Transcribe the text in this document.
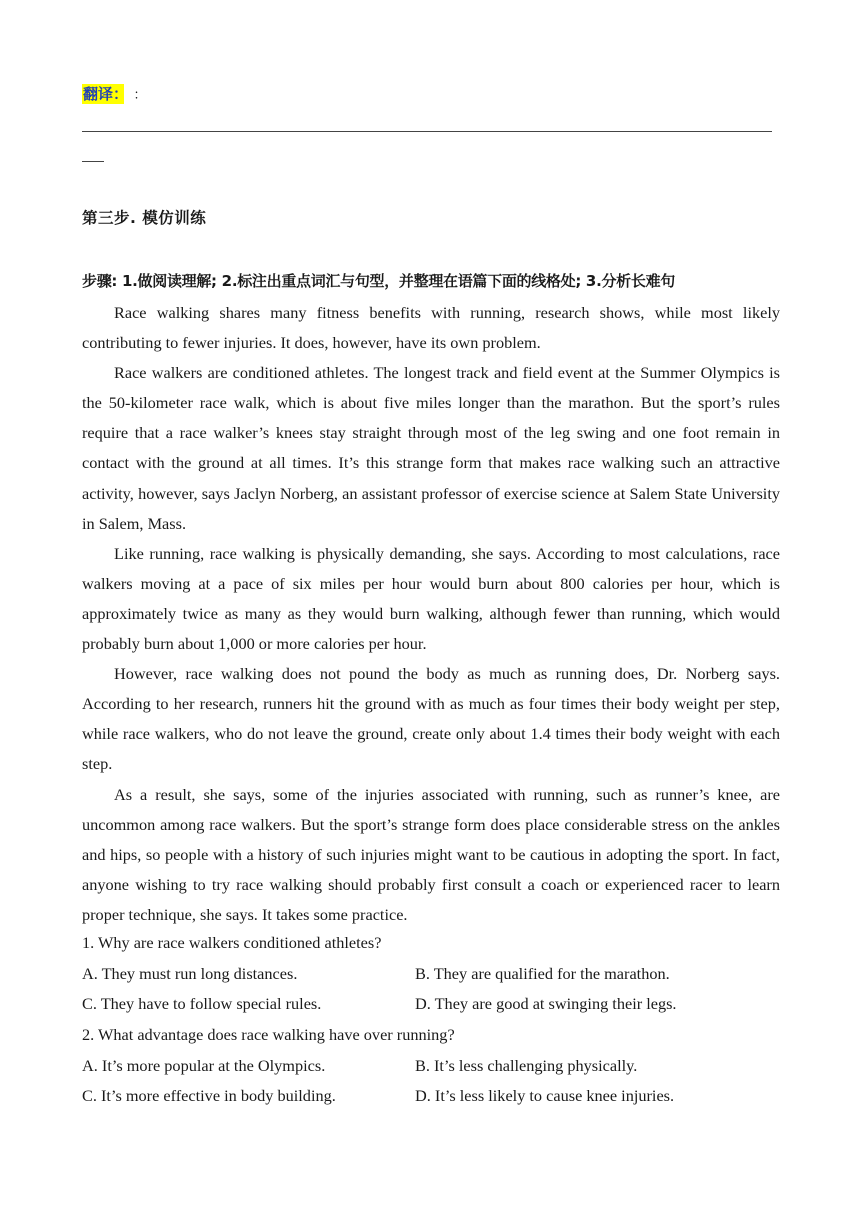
翻译： ：
第三步. 模仿训练
步骤: 1.做阅读理解; 2.标注出重点词汇与句型，并整理在语篇下面的线格处; 3.分析长难句

Race walking shares many fitness benefits with running, research shows, while most likely contributing to fewer injuries. It does, however, have its own problem.

Race walkers are conditioned athletes. The longest track and field event at the Summer Olympics is the 50-kilometer race walk, which is about five miles longer than the marathon. But the sport’s rules require that a race walker’s knees stay straight through most of the leg swing and one foot remain in contact with the ground at all times. It’s this strange form that makes race walking such an attractive activity, however, says Jaclyn Norberg, an assistant professor of exercise science at Salem State University in Salem, Mass.

Like running, race walking is physically demanding, she says. According to most calculations, race walkers moving at a pace of six miles per hour would burn about 800 calories per hour, which is approximately twice as many as they would burn walking, although fewer than running, which would probably burn about 1,000 or more calories per hour.

However, race walking does not pound the body as much as running does, Dr. Norberg says. According to her research, runners hit the ground with as much as four times their body weight per step, while race walkers, who do not leave the ground, create only about 1.4 times their body weight with each step.

As a result, she says, some of the injuries associated with running, such as runner’s knee, are uncommon among race walkers. But the sport’s strange form does place considerable stress on the ankles and hips, so people with a history of such injuries might want to be cautious in adopting the sport. In fact, anyone wishing to try race walking should probably first consult a coach or experienced racer to learn proper technique, she says. It takes some practice.

1. Why are race walkers conditioned athletes?
A. They must run long distances.	B. They are qualified for the marathon.
C. They have to follow special rules.	D. They are good at swinging their legs.
2. What advantage does race walking have over running?
A. It’s more popular at the Olympics.	B. It’s less challenging physically.
C. It’s more effective in body building.	D. It’s less likely to cause knee injuries.
